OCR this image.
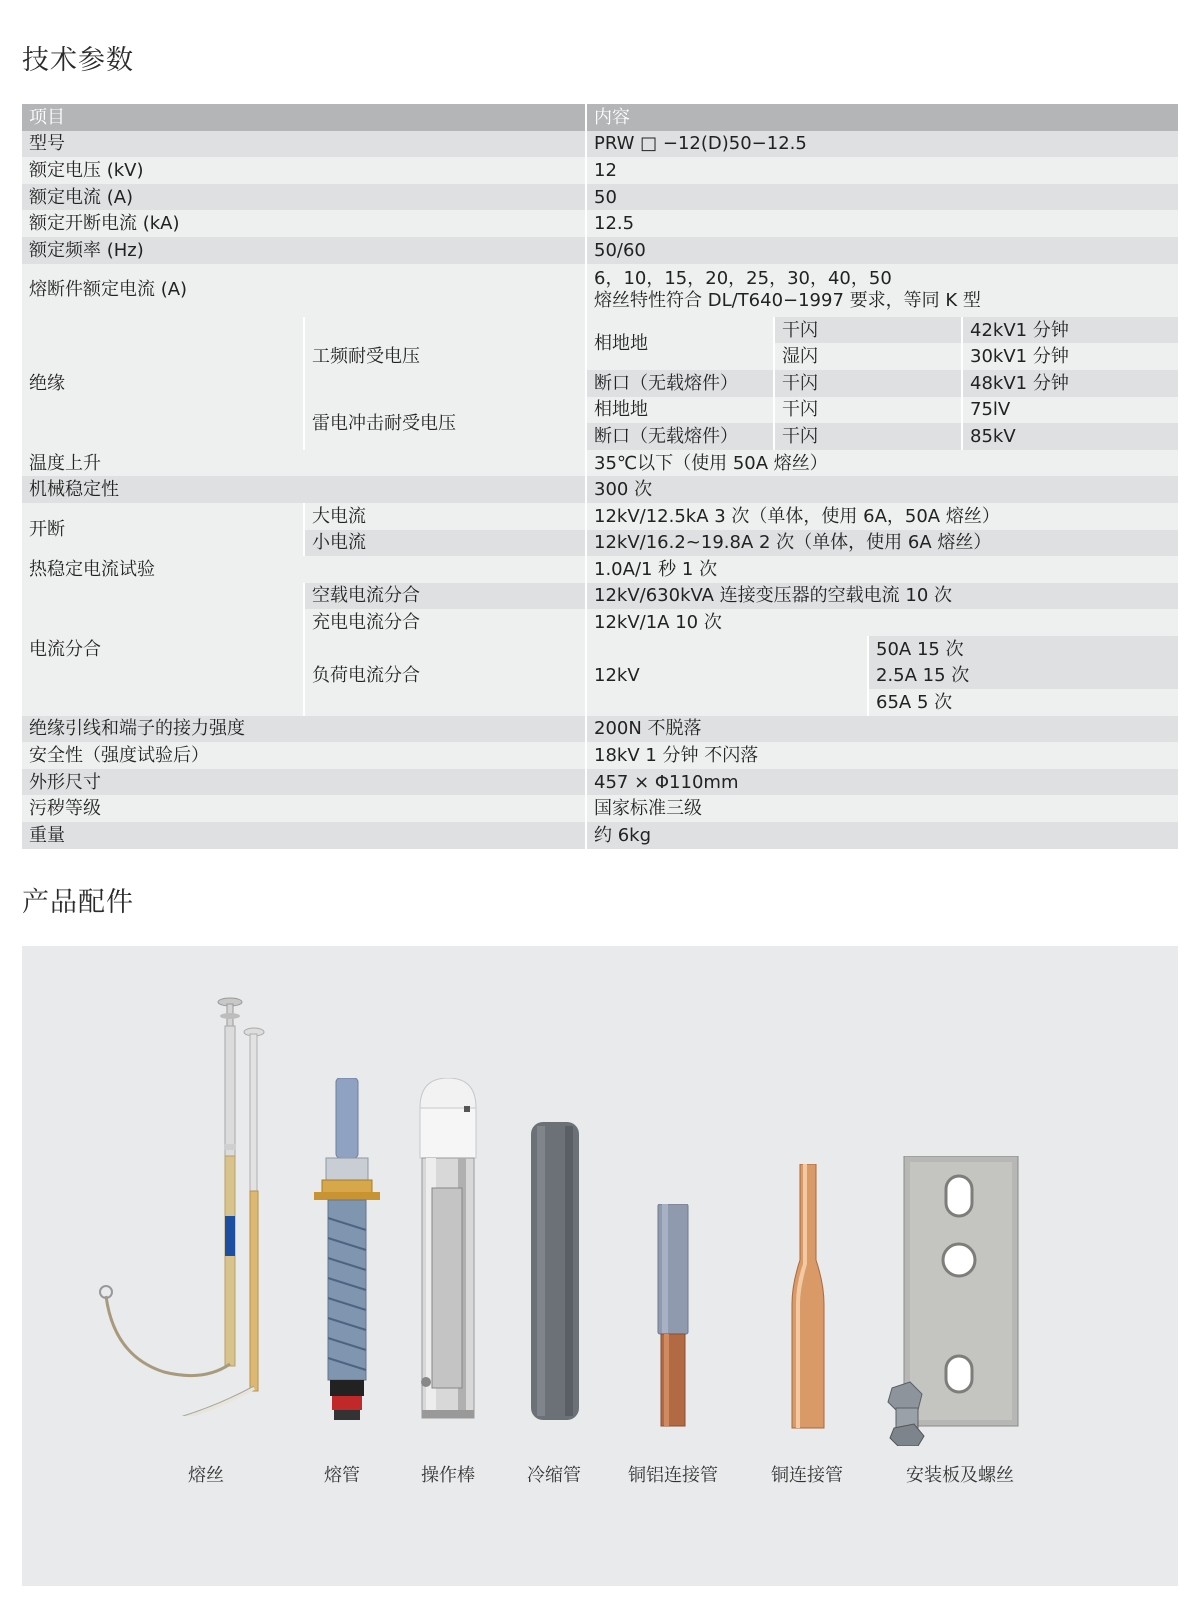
技术参数
项目		内容			
型号		PRW □ −12(D)50−12.5			
额定电压 (kV)		12			
额定电流 (A)		50			
额定开断电流 (kA)		12.5			
额定频率 (Hz)		50/60			
熔断件额定电流 (A)		6，10，15，20，25，30，40，50
熔丝特性符合 DL/T640−1997 要求，等同 K 型			

绝缘	工频耐受电压	相地地	干闪		42kV1 分钟
			湿闪		30kV1 分钟
		断口（无载熔件）	干闪		48kV1 分钟
	雷电冲击耐受电压	相地地	干闪		75lV
		断口（无载熔件）	干闪		85kV
温度上升		35℃以下（使用 50A 熔丝）			
机械稳定性		300 次			
开断	大电流	12kV/12.5kA 3 次（单体，使用 6A，50A 熔丝）			
	小电流	12kV/16.2~19.8A 2 次（单体，使用 6A 熔丝）			
热稳定电流试验		1.0A/1 秒 1 次			
电流分合	空载电流分合	12kV/630kVA 连接变压器的空载电流 10 次			
	充电电流分合	12kV/1A 10 次			
	负荷电流分合	12kV		50A 15 次	
				2.5A 15 次	
				65A 5 次	
绝缘引线和端子的接力强度		200N 不脱落			
安全性（强度试验后）		18kV 1 分钟 不闪落			
外形尺寸		457 × Φ110mm			
污秽等级		国家标准三级			
重量		约 6kg			
产品配件
熔丝	熔管	操作棒	冷缩管	铜铝连接管	铜连接管	安装板及螺丝
